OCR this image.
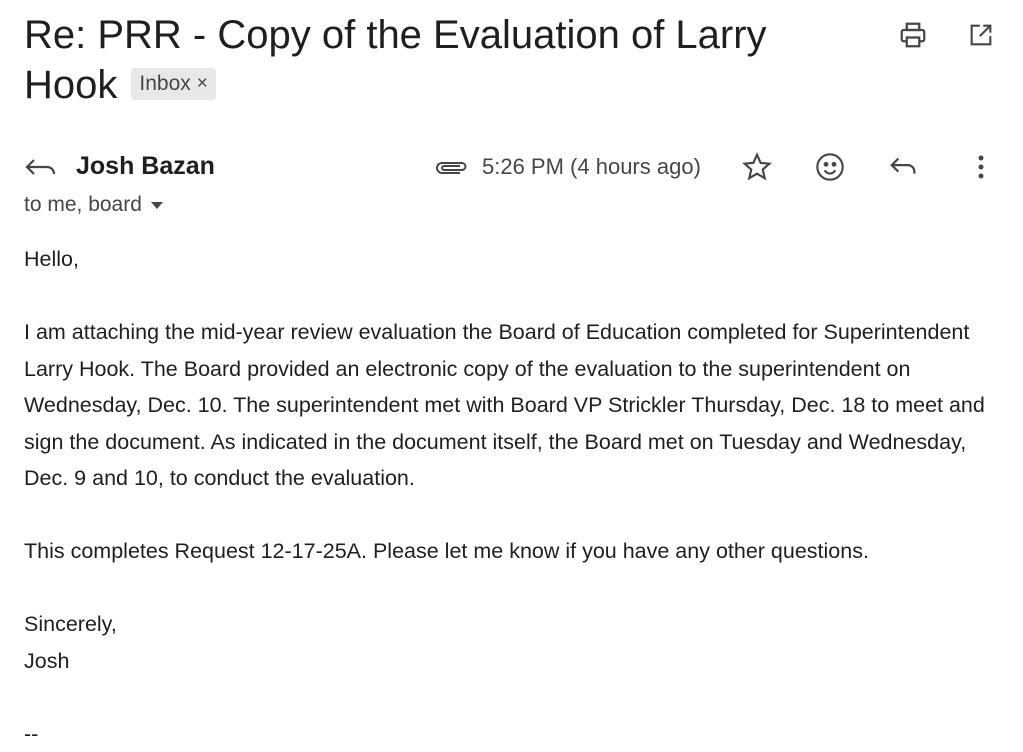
Re: PRR - Copy of the Evaluation of Larry Hook Inbox ×
Josh Bazan	5:26 PM (4 hours ago)
to me, board

Hello,

I am attaching the mid-year review evaluation the Board of Education completed for Superintendent Larry Hook. The Board provided an electronic copy of the evaluation to the superintendent on Wednesday, Dec. 10. The superintendent met with Board VP Strickler Thursday, Dec. 18 to meet and sign the document. As indicated in the document itself, the Board met on Tuesday and Wednesday, Dec. 9 and 10, to conduct the evaluation.

This completes Request 12-17-25A. Please let me know if you have any other questions.

Sincerely,

Josh

--
